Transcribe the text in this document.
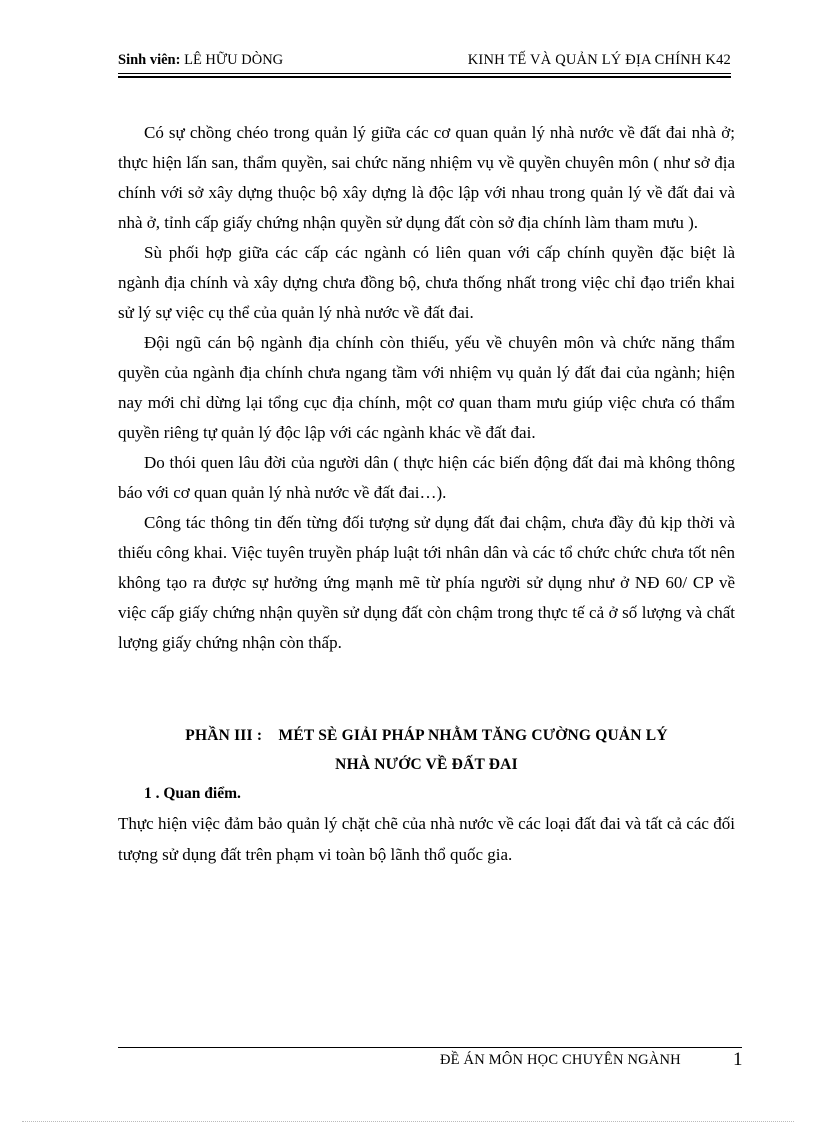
Sinh viên: LÊ HỮU DÒNG	KINH TẾ VÀ QUẢN LÝ ĐỊA CHÍNH K42

Có sự chồng chéo trong quản lý giữa các cơ quan quản lý nhà nước về đất đai nhà ở; thực hiện lấn san, thẩm quyền, sai chức năng nhiệm vụ về quyền chuyên môn ( như sở địa chính với sở xây dựng thuộc bộ xây dựng là độc lập với nhau trong quản lý về đất đai và nhà ở, tỉnh cấp giấy chứng nhận quyền sử dụng đất còn sở địa chính làm tham mưu ).

Sù phối hợp giữa các cấp các ngành có liên quan với cấp chính quyền đặc biệt là ngành địa chính và xây dựng chưa đồng bộ, chưa thống nhất trong việc chỉ đạo triển khai sử lý sự việc cụ thể của quản lý nhà nước về đất đai.

Đội ngũ cán bộ ngành địa chính còn thiếu, yếu về chuyên môn và chức năng thẩm quyền của ngành địa chính chưa ngang tầm với nhiệm vụ quản lý đất đai của ngành; hiện nay mới chỉ dừng lại tổng cục địa chính, một cơ quan tham mưu giúp việc chưa có thẩm quyền riêng tự quản lý độc lập với các ngành khác về đất đai.

Do thói quen lâu đời của người dân ( thực hiện các biến động đất đai mà không thông báo với cơ quan quản lý nhà nước về đất đai…).

Công tác thông tin đến từng đối tượng sử dụng đất đai chậm, chưa đầy đủ kịp thời và thiếu công khai. Việc tuyên truyền pháp luật tới nhân dân và các tổ chức chức chưa tốt nên không tạo ra được sự hưởng ứng mạnh mẽ từ phía người sử dụng như ở NĐ 60/ CP về việc cấp giấy chứng nhận quyền sử dụng đất còn chậm trong thực tế cả ở số lượng và chất lượng giấy chứng nhận còn thấp.

PHẦN III :    MÉT SÈ GIẢI PHÁP NHẰM TĂNG CƯỜNG QUẢN LÝ
NHÀ NƯỚC VỀ ĐẤT ĐAI

1 . Quan điểm.

Thực hiện việc đảm bảo quản lý chặt chẽ của nhà nước về các loại đất đai và tất cả các đối tượng sử dụng đất trên phạm vi toàn bộ lãnh thổ quốc gia.

ĐỀ ÁN MÔN HỌC CHUYÊN NGÀNH	1
